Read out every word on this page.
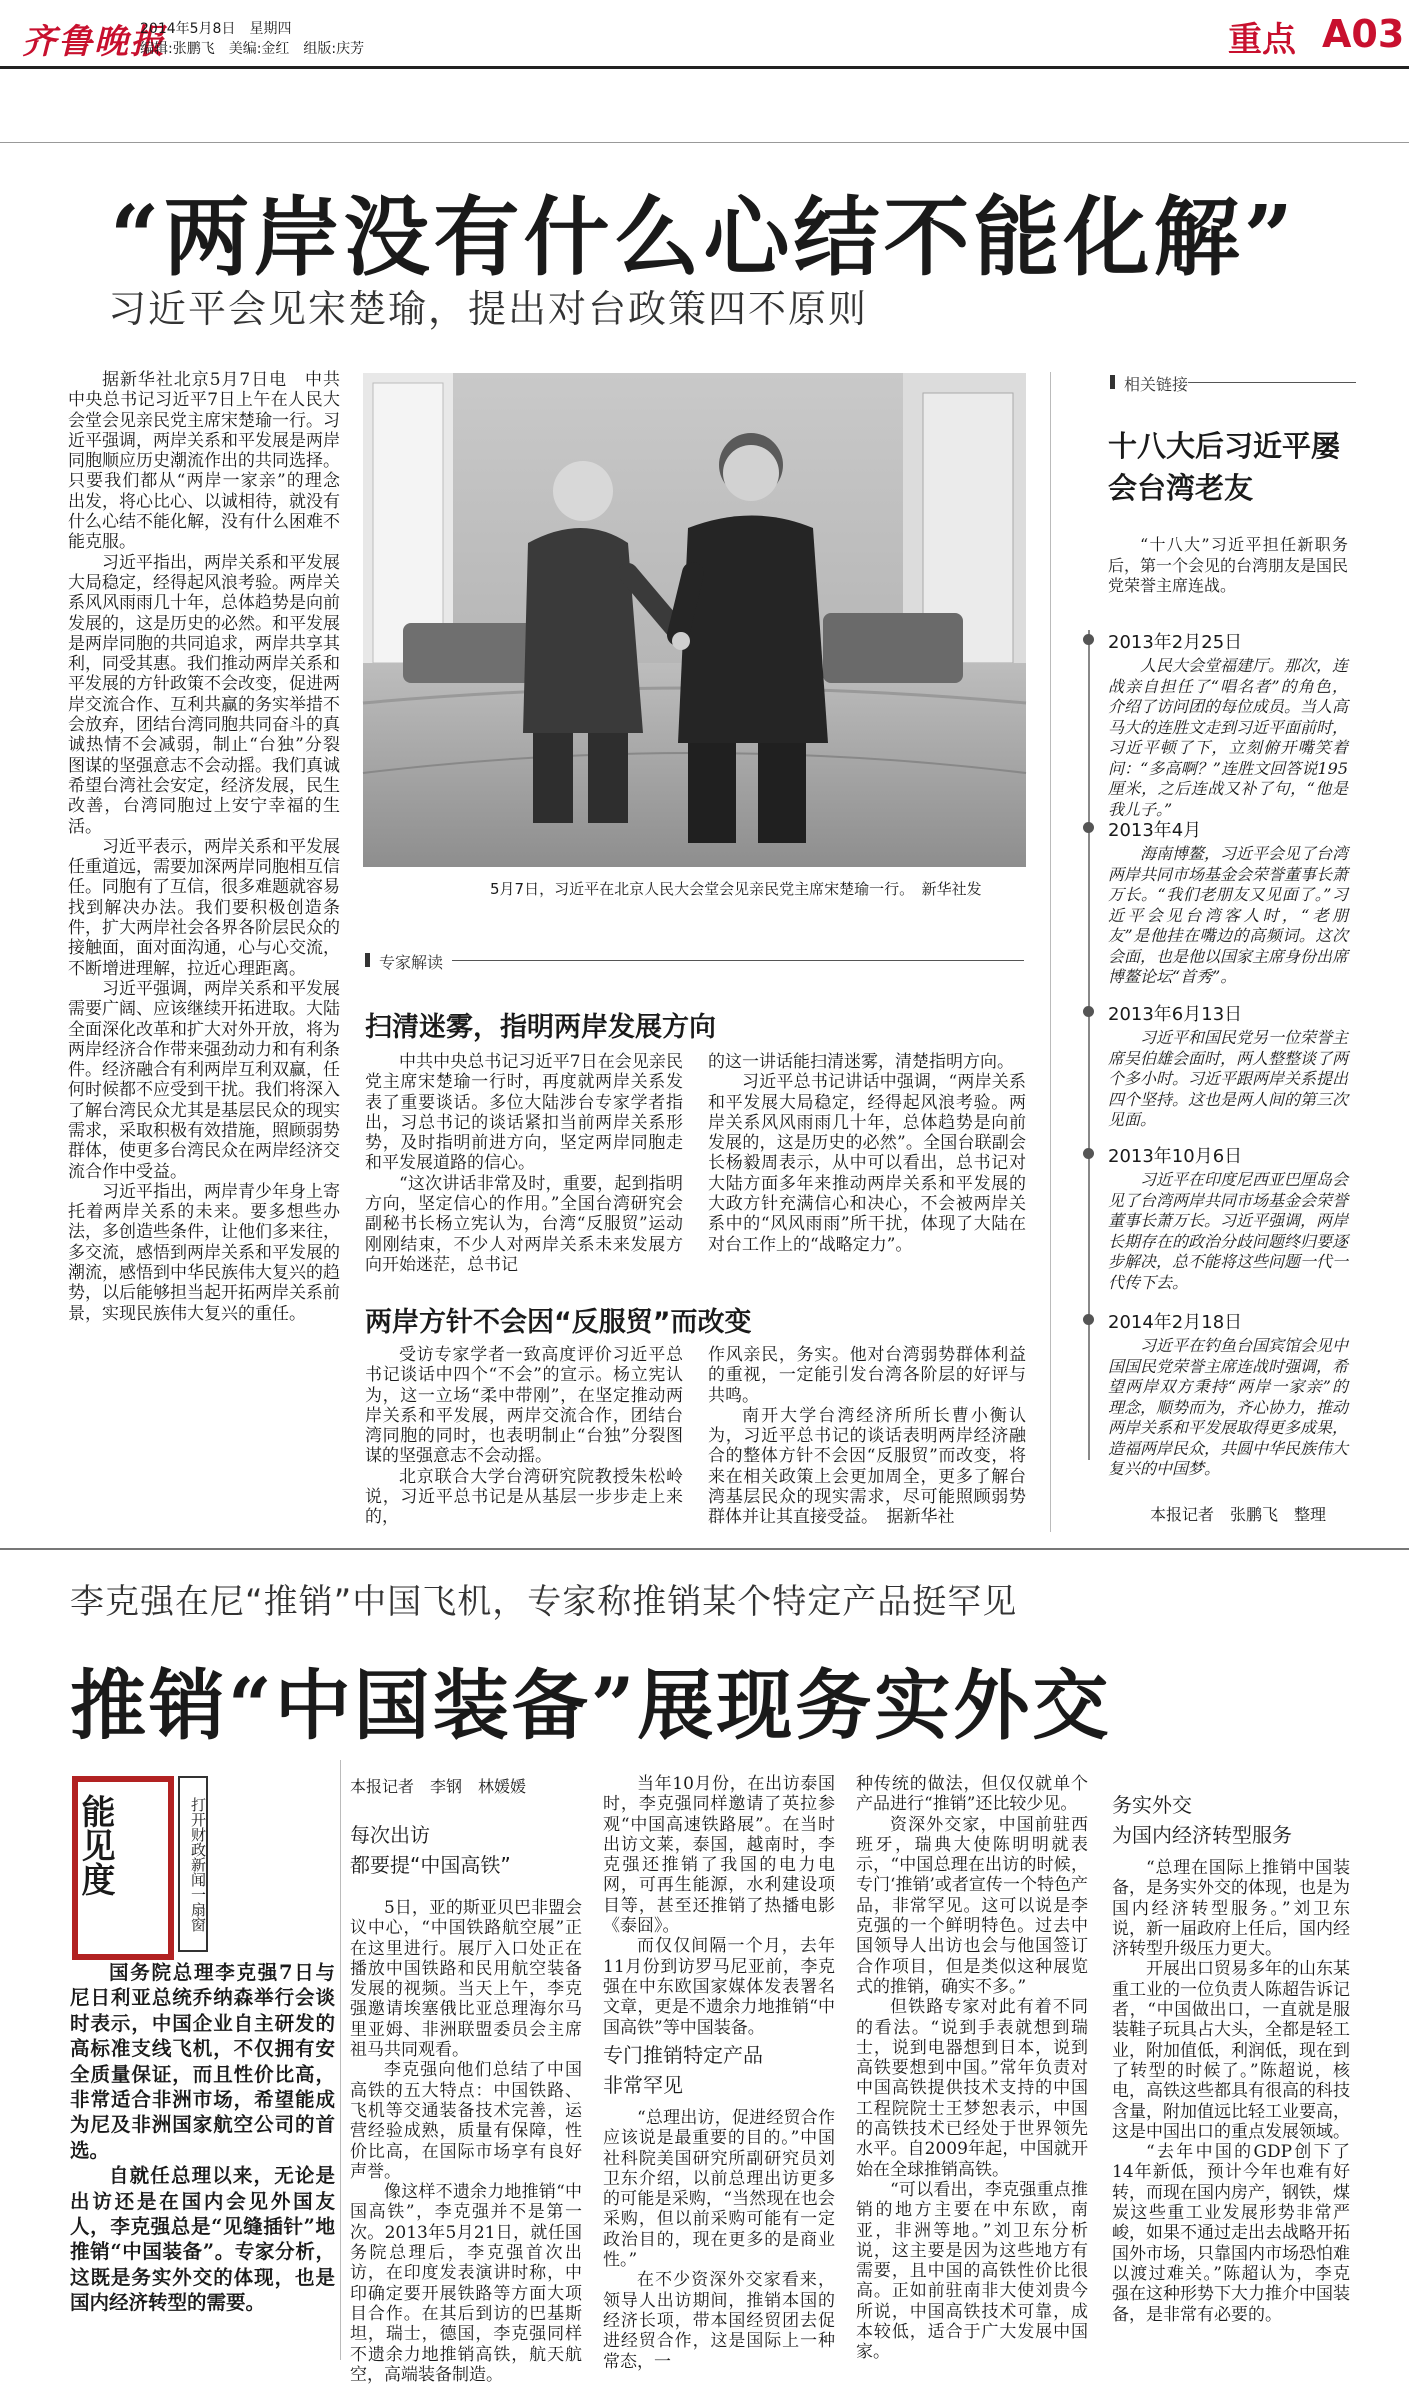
齐鲁晚报
2014年5月8日　星期四
编辑:张鹏飞　美编:金红　组版:庆芳	重点 A03
“两岸没有什么心结不能化解”
习近平会见宋楚瑜，提出对台政策四不原则

据新华社北京5月7日电　中共中央总书记习近平7日上午在人民大会堂会见亲民党主席宋楚瑜一行。习近平强调，两岸关系和平发展是两岸同胞顺应历史潮流作出的共同选择。只要我们都从“两岸一家亲”的理念出发，将心比心、以诚相待，就没有什么心结不能化解，没有什么困难不能克服。

习近平指出，两岸关系和平发展大局稳定，经得起风浪考验。两岸关系风风雨雨几十年，总体趋势是向前发展的，这是历史的必然。和平发展是两岸同胞的共同追求，两岸共享其利，同受其惠。我们推动两岸关系和平发展的方针政策不会改变，促进两岸交流合作、互利共赢的务实举措不会放弃，团结台湾同胞共同奋斗的真诚热情不会减弱，制止“台独”分裂图谋的坚强意志不会动摇。我们真诚希望台湾社会安定，经济发展，民生改善，台湾同胞过上安宁幸福的生活。

习近平表示，两岸关系和平发展任重道远，需要加深两岸同胞相互信任。同胞有了互信，很多难题就容易找到解决办法。我们要积极创造条件，扩大两岸社会各界各阶层民众的接触面，面对面沟通，心与心交流，不断增进理解，拉近心理距离。

习近平强调，两岸关系和平发展需要广阔、应该继续开拓进取。大陆全面深化改革和扩大对外开放，将为两岸经济合作带来强劲动力和有利条件。经济融合有利两岸互利双赢，任何时候都不应受到干扰。我们将深入了解台湾民众尤其是基层民众的现实需求，采取积极有效措施，照顾弱势群体，使更多台湾民众在两岸经济交流合作中受益。

习近平指出，两岸青少年身上寄托着两岸关系的未来。要多想些办法，多创造些条件，让他们多来往，多交流，感悟到两岸关系和平发展的潮流，感悟到中华民族伟大复兴的趋势，以后能够担当起开拓两岸关系前景，实现民族伟大复兴的重任。

5月7日，习近平在北京人民大会堂会见亲民党主席宋楚瑜一行。　新华社发
专家解读
扫清迷雾，指明两岸发展方向

中共中央总书记习近平7日在会见亲民党主席宋楚瑜一行时，再度就两岸关系发表了重要谈话。多位大陆涉台专家学者指出，习总书记的谈话紧扣当前两岸关系形势，及时指明前进方向，坚定两岸同胞走和平发展道路的信心。

“这次讲话非常及时，重要，起到指明方向，坚定信心的作用。”全国台湾研究会副秘书长杨立宪认为，台湾“反服贸”运动刚刚结束，不少人对两岸关系未来发展方向开始迷茫，总书记

的这一讲话能扫清迷雾，清楚指明方向。

习近平总书记讲话中强调，“两岸关系和平发展大局稳定，经得起风浪考验。两岸关系风风雨雨几十年，总体趋势是向前发展的，这是历史的必然”。全国台联副会长杨毅周表示，从中可以看出，总书记对大陆方面多年来推动两岸关系和平发展的大政方针充满信心和决心，不会被两岸关系中的“风风雨雨”所干扰，体现了大陆在对台工作上的“战略定力”。

两岸方针不会因“反服贸”而改变

受访专家学者一致高度评价习近平总书记谈话中四个“不会”的宣示。杨立宪认为，这一立场“柔中带刚”，在坚定推动两岸关系和平发展，两岸交流合作，团结台湾同胞的同时，也表明制止“台独”分裂图谋的坚强意志不会动摇。

北京联合大学台湾研究院教授朱松岭说，习近平总书记是从基层一步步走上来的，

作风亲民，务实。他对台湾弱势群体利益的重视，一定能引发台湾各阶层的好评与共鸣。

南开大学台湾经济所所长曹小衡认为，习近平总书记的谈话表明两岸经济融合的整体方针不会因“反服贸”而改变，将来在相关政策上会更加周全，更多了解台湾基层民众的现实需求，尽可能照顾弱势群体并让其直接受益。　据新华社

相关链接
十八大后习近平屡会台湾老友

“十八大”习近平担任新职务后，第一个会见的台湾朋友是国民党荣誉主席连战。

2013年2月25日

人民大会堂福建厅。那次，连战亲自担任了“唱名者”的角色，介绍了访问团的每位成员。当人高马大的连胜文走到习近平面前时，习近平顿了下，立刻俯开嘴笑着问：“多高啊？”连胜文回答说195厘米，之后连战又补了句，“他是我儿子。”

2013年4月

海南博鳌，习近平会见了台湾两岸共同市场基金会荣誉董事长萧万长。“我们老朋友又见面了。”习近平会见台湾客人时，“老朋友”是他挂在嘴边的高频词。这次会面，也是他以国家主席身份出席博鳌论坛“首秀”。

2013年6月13日

习近平和国民党另一位荣誉主席吴伯雄会面时，两人整整谈了两个多小时。习近平跟两岸关系提出四个坚持。这也是两人间的第三次见面。

2013年10月6日

习近平在印度尼西亚巴厘岛会见了台湾两岸共同市场基金会荣誉董事长萧万长。习近平强调，两岸长期存在的政治分歧问题终归要逐步解决，总不能将这些问题一代一代传下去。

2014年2月18日

习近平在钓鱼台国宾馆会见中国国民党荣誉主席连战时强调，希望两岸双方秉持“两岸一家亲”的理念，顺势而为，齐心协力，推动两岸关系和平发展取得更多成果，造福两岸民众，共圆中华民族伟大复兴的中国梦。

本报记者　张鹏飞　整理
李克强在尼“推销”中国飞机，专家称推销某个特定产品挺罕见
推销“中国装备”展现务实外交
能见度	打开财政新闻一扇窗

国务院总理李克强7日与尼日利亚总统乔纳森举行会谈时表示，中国企业自主研发的高标准支线飞机，不仅拥有安全质量保证，而且性价比高，非常适合非洲市场，希望能成为尼及非洲国家航空公司的首选。

自就任总理以来，无论是出访还是在国内会见外国友人，李克强总是“见缝插针”地推销“中国装备”。专家分析，这既是务实外交的体现，也是国内经济转型的需要。

本报记者　李钢　林媛媛
每次出访
都要提“中国高铁”

5日，亚的斯亚贝巴非盟会议中心，“中国铁路航空展”正在这里进行。展厅入口处正在播放中国铁路和民用航空装备发展的视频。当天上午，李克强邀请埃塞俄比亚总理海尔马里亚姆、非洲联盟委员会主席祖马共同观看。

李克强向他们总结了中国高铁的五大特点：中国铁路、飞机等交通装备技术完善，运营经验成熟，质量有保障，性价比高，在国际市场享有良好声誉。

像这样不遗余力地推销“中国高铁”，李克强并不是第一次。2013年5月21日，就任国务院总理后，李克强首次出访，在印度发表演讲时称，中印确定要开展铁路等方面大项目合作。在其后到访的巴基斯坦，瑞士，德国，李克强同样不遗余力地推销高铁，航天航空，高端装备制造。

当年10月份，在出访泰国时，李克强同样邀请了英拉参观“中国高速铁路展”。在当时出访文莱，泰国，越南时，李克强还推销了我国的电力电网，可再生能源，水利建设项目等，甚至还推销了热播电影《泰囧》。

而仅仅间隔一个月，去年11月份到访罗马尼亚前，李克强在中东欧国家媒体发表署名文章，更是不遗余力地推销“中国高铁”等中国装备。

专门推销特定产品
非常罕见

“总理出访，促进经贸合作应该说是最重要的目的。”中国社科院美国研究所副研究员刘卫东介绍，以前总理出访更多的可能是采购，“当然现在也会采购，但以前采购可能有一定政治目的，现在更多的是商业性。”

在不少资深外交家看来，领导人出访期间，推销本国的经济长项，带本国经贸团去促进经贸合作，这是国际上一种常态，一

种传统的做法，但仅仅就单个产品进行“推销”还比较少见。

资深外交家，中国前驻西班牙，瑞典大使陈明明就表示，“中国总理在出访的时候，专门‘推销’或者宣传一个特色产品，非常罕见。这可以说是李克强的一个鲜明特色。过去中国领导人出访也会与他国签订合作项目，但是类似这种展览式的推销，确实不多。”

但铁路专家对此有着不同的看法。“说到手表就想到瑞士，说到电器想到日本，说到高铁要想到中国。”常年负责对中国高铁提供技术支持的中国工程院院士王梦恕表示，中国的高铁技术已经处于世界领先水平。自2009年起，中国就开始在全球推销高铁。

“可以看出，李克强重点推销的地方主要在中东欧，南亚，非洲等地。”刘卫东分析说，这主要是因为这些地方有需要，且中国的高铁性价比很高。正如前驻南非大使刘贵今所说，中国高铁技术可靠，成本较低，适合于广大发展中国家。

务实外交
为国内经济转型服务

“总理在国际上推销中国装备，是务实外交的体现，也是为国内经济转型服务。”刘卫东说，新一届政府上任后，国内经济转型升级压力更大。

开展出口贸易多年的山东某重工业的一位负责人陈超告诉记者，“中国做出口，一直就是服装鞋子玩具占大头，全都是轻工业，附加值低，利润低，现在到了转型的时候了。”陈超说，核电，高铁这些都具有很高的科技含量，附加值远比轻工业要高，这是中国出口的重点发展领域。

“去年中国的GDP创下了14年新低，预计今年也难有好转，而现在国内房产，钢铁，煤炭这些重工业发展形势非常严峻，如果不通过走出去战略开拓国外市场，只靠国内市场恐怕难以渡过难关。”陈超认为，李克强在这种形势下大力推介中国装备，是非常有必要的。
